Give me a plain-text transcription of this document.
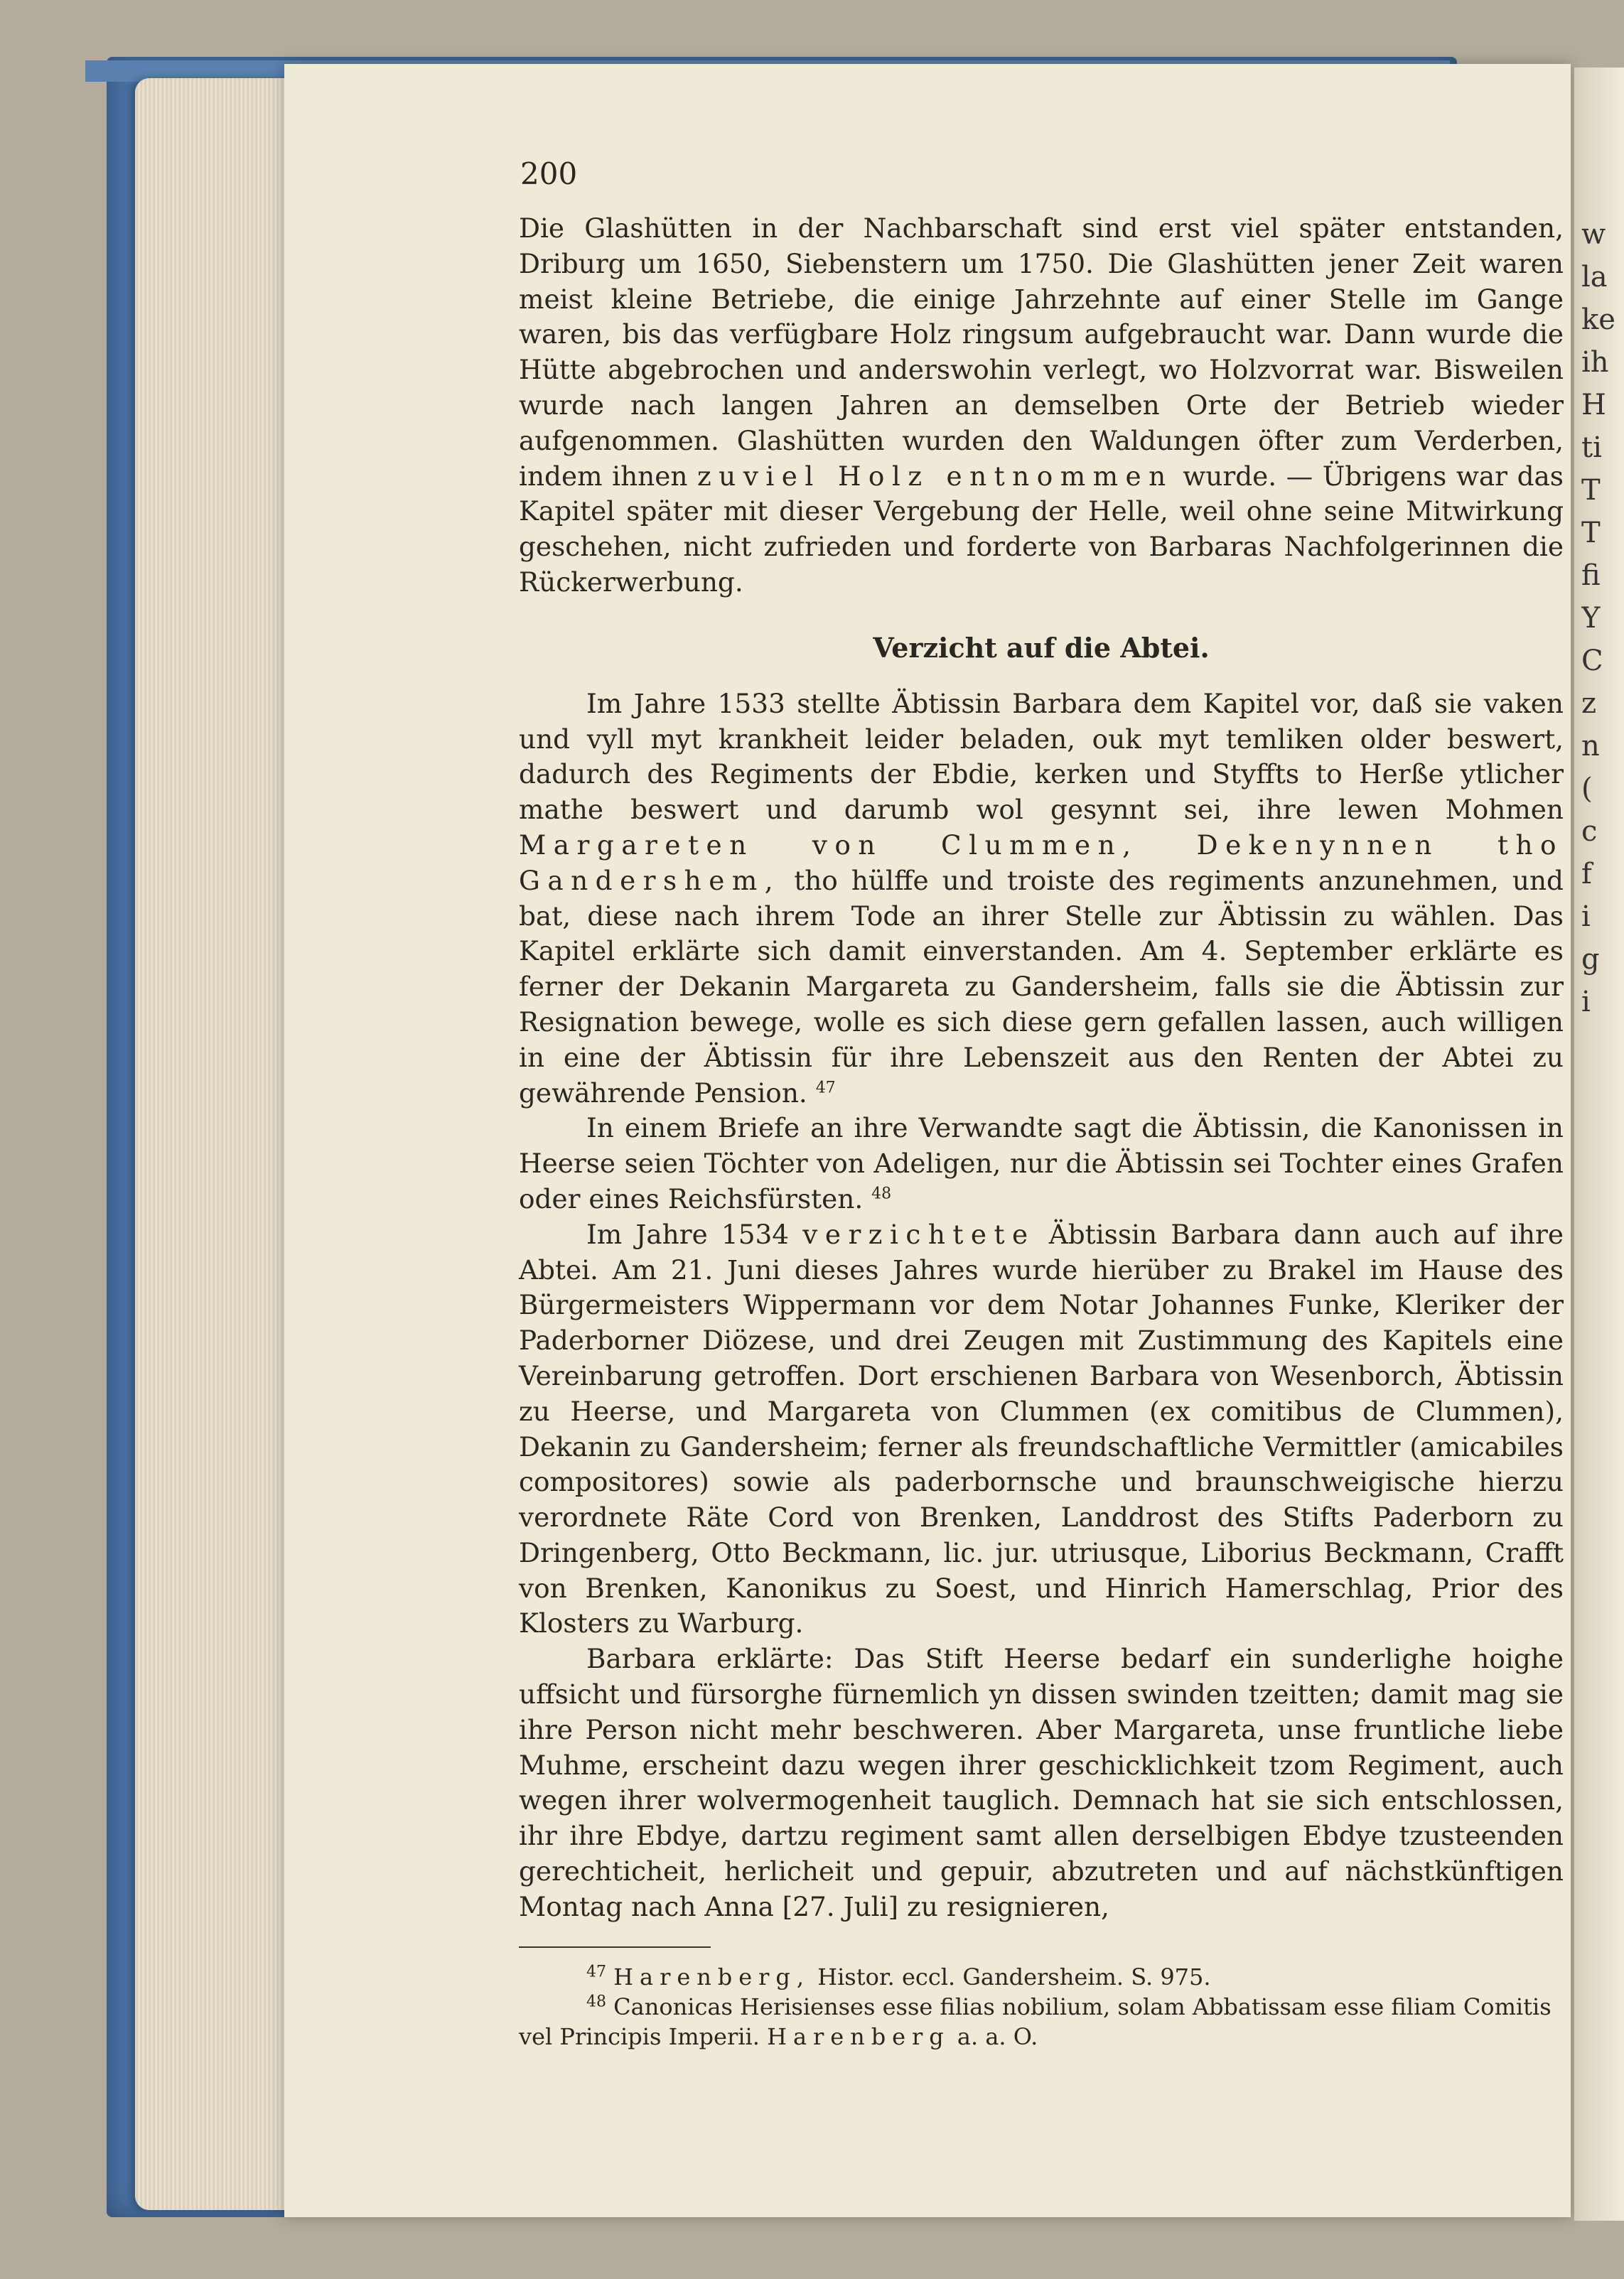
w
la
ke
ih
H
ti
T
T
fi
Y
C
z
n
(
c
f
i
g
i
200

Die Glashütten in der Nachbarschaft sind erst viel später entstanden, Driburg um 1650, Siebenstern um 1750. Die Glashütten jener Zeit waren meist kleine Betriebe, die einige Jahrzehnte auf einer Stelle im Gange waren, bis das verfügbare Holz ringsum aufgebraucht war. Dann wurde die Hütte abgebrochen und anderswohin verlegt, wo Holzvorrat war. Bisweilen wurde nach langen Jahren an demselben Orte der Betrieb wieder aufgenommen. Glashütten wurden den Waldungen öfter zum Verderben, indem ihnen zuviel Holz entnommen wurde. — Übrigens war das Kapitel später mit dieser Vergebung der Helle, weil ohne seine Mitwirkung geschehen, nicht zufrieden und forderte von Barbaras Nachfolgerinnen die Rückerwerbung.

Verzicht auf die Abtei.

Im Jahre 1533 stellte Äbtissin Barbara dem Kapitel vor, daß sie vaken und vyll myt krankheit leider beladen, ouk myt temliken older beswert, dadurch des Regiments der Ebdie, kerken und Styffts to Herße ytlicher mathe beswert und darumb wol gesynnt sei, ihre lewen Mohmen Margareten von Clummen, Dekenynnen tho Gandershem, tho hülffe und troiste des regiments anzunehmen, und bat, diese nach ihrem Tode an ihrer Stelle zur Äbtissin zu wählen. Das Kapitel erklärte sich damit einverstanden. Am 4. September erklärte es ferner der Dekanin Margareta zu Gandersheim, falls sie die Äbtissin zur Resignation bewege, wolle es sich diese gern gefallen lassen, auch willigen in eine der Äbtissin für ihre Lebenszeit aus den Renten der Abtei zu gewährende Pension. $^{47}$

In einem Briefe an ihre Verwandte sagt die Äbtissin, die Kanonissen in Heerse seien Töchter von Adeligen, nur die Äbtissin sei Tochter eines Grafen oder eines Reichsfürsten. $^{48}$

Im Jahre 1534 verzichtete Äbtissin Barbara dann auch auf ihre Abtei. Am 21. Juni dieses Jahres wurde hierüber zu Brakel im Hause des Bürgermeisters Wippermann vor dem Notar Johannes Funke, Kleriker der Paderborner Diözese, und drei Zeugen mit Zustimmung des Kapitels eine Vereinbarung getroffen. Dort erschienen Barbara von Wesenborch, Äbtissin zu Heerse, und Margareta von Clummen (ex comitibus de Clummen), Dekanin zu Gandersheim; ferner als freundschaftliche Vermittler (amicabiles compositores) sowie als paderbornsche und braunschweigische hierzu verordnete Räte Cord von Brenken, Landdrost des Stifts Paderborn zu Dringenberg, Otto Beckmann, lic. jur. utriusque, Liborius Beckmann, Crafft von Brenken, Kanonikus zu Soest, und Hinrich Hamerschlag, Prior des Klosters zu Warburg.

Barbara erklärte: Das Stift Heerse bedarf ein sunderlighe hoighe uffsicht und fürsorghe fürnemlich yn dissen swinden tzeitten; damit mag sie ihre Person nicht mehr beschweren. Aber Margareta, unse fruntliche liebe Muhme, erscheint dazu wegen ihrer geschicklichkeit tzom Regiment, auch wegen ihrer wolvermogenheit tauglich. Demnach hat sie sich entschlossen, ihr ihre Ebdye, dartzu regiment samt allen derselbigen Ebdye tzusteenden gerechticheit, herlicheit und gepuir, abzutreten und auf nächstkünftigen Montag nach Anna [27. Juli] zu resignieren,

$^{47}$ Harenberg, Histor. eccl. Gandersheim. S. 975.

$^{48}$ Canonicas Herisienses esse filias nobilium, solam Abbatissam esse filiam Comitis vel Principis Imperii. Harenberg a. a. O.
